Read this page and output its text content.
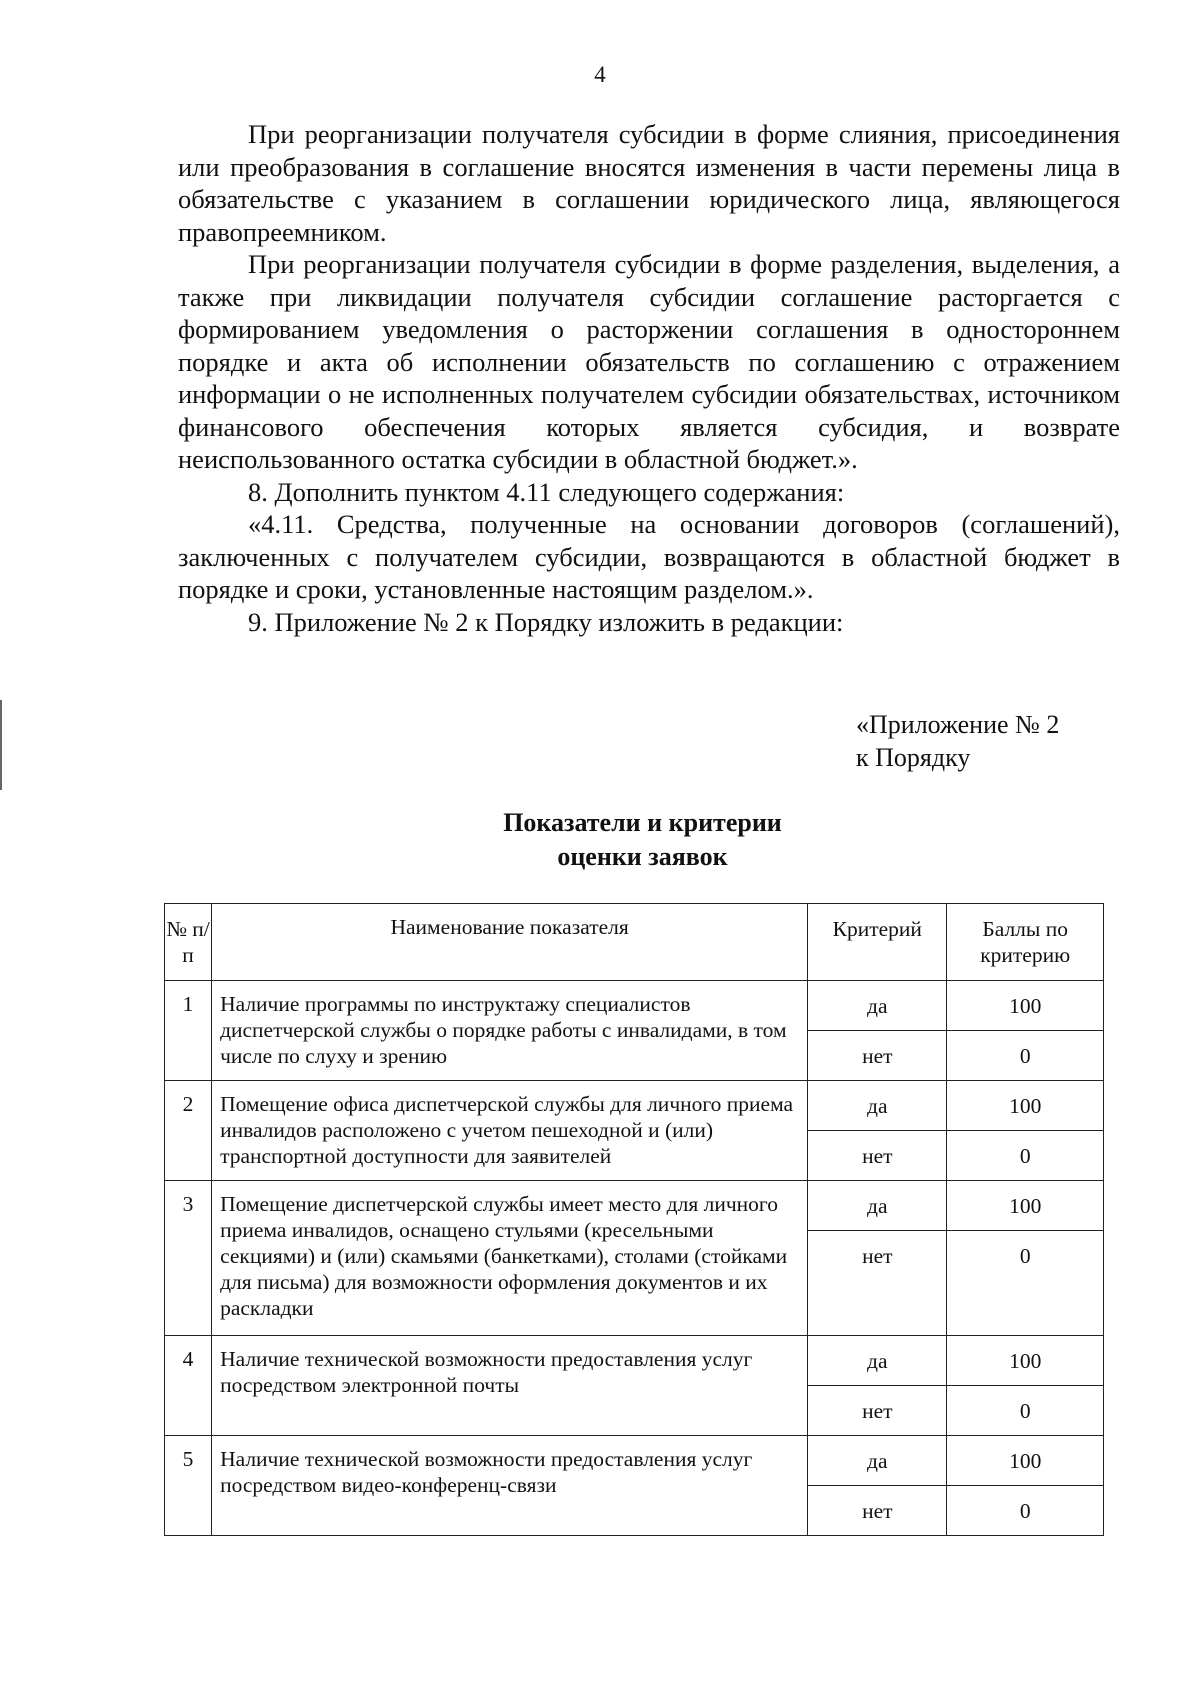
4

При реорганизации получателя субсидии в форме слияния, присоединения или преобразования в соглашение вносятся изменения в части перемены лица в обязательстве с указанием в соглашении юридического лица, являющегося правопреемником.

При реорганизации получателя субсидии в форме разделения, выделения, а также при ликвидации получателя субсидии соглашение расторгается с формированием уведомления о расторжении соглашения в одностороннем порядке и акта об исполнении обязательств по соглашению с отражением информации о не исполненных получателем субсидии обязательствах, источником финансового обеспечения которых является субсидия, и возврате неиспользованного остатка субсидии в областной бюджет.».

8. Дополнить пунктом 4.11 следующего содержания:

«4.11. Средства, полученные на основании договоров (соглашений), заключенных с получателем субсидии, возвращаются в областной бюджет в порядке и сроки, установленные настоящим разделом.».

9. Приложение № 2 к Порядку изложить в редакции:

«Приложение № 2
к Порядку
Показатели и критерии
оценки заявок
№ п/п	Наименование показателя	Критерий	Баллы по критерию
1	Наличие программы по инструктажу специалистов диспетчерской службы о порядке работы с инвалидами, в том числе по слуху и зрению	да	100
		нет	0
2	Помещение офиса диспетчерской службы для личного приема инвалидов расположено с учетом пешеходной и (или) транспортной доступности для заявителей	да	100
		нет	0
3	Помещение диспетчерской службы имеет место для личного приема инвалидов, оснащено стульями (кресельными секциями) и (или) скамьями (банкетками), столами (стойками для письма) для возможности оформления документов и их раскладки	да	100
		нет	0
4	Наличие технической возможности предоставления услуг посредством электронной почты	да	100
		нет	0
5	Наличие технической возможности предоставления услуг посредством видео-конференц-связи	да	100
		нет	0
